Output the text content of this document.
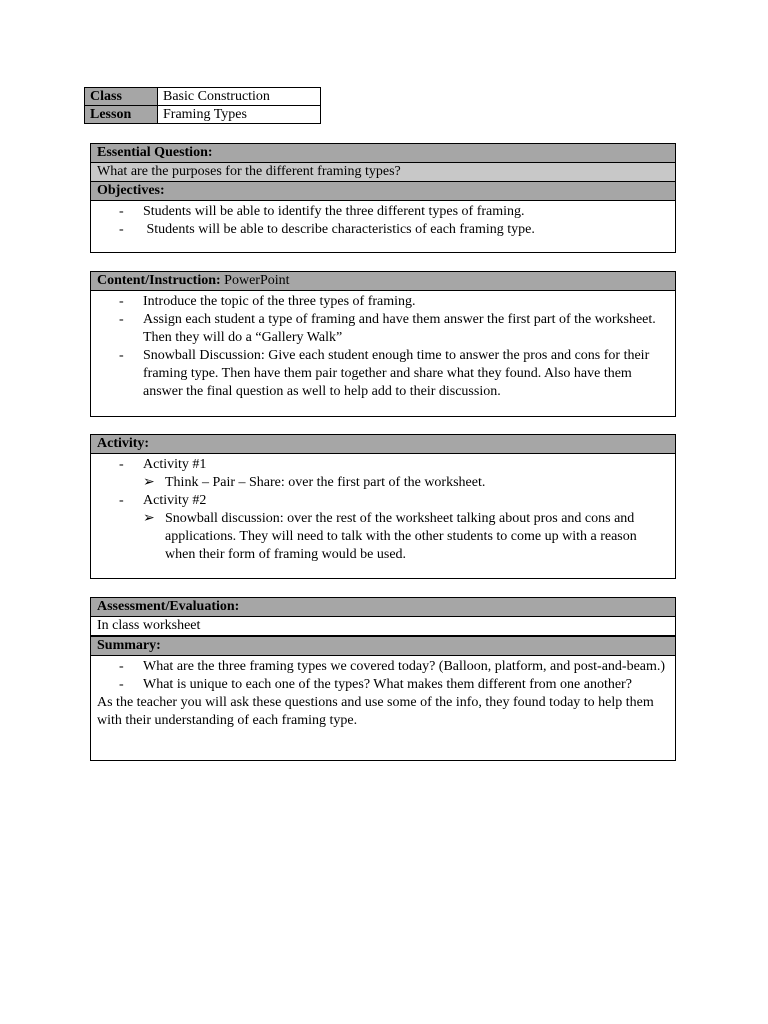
Class	Basic Construction
Lesson	Framing Types
Essential Question:
What are the purposes for the different framing types?
Objectives:
- Students will be able to identify the three different types of framing.
- Students will be able to describe characteristics of each framing type.
Content/Instruction: PowerPoint
- Introduce the topic of the three types of framing.
- Assign each student a type of framing and have them answer the first part of the worksheet. Then they will do a “Gallery Walk”
- Snowball Discussion: Give each student enough time to answer the pros and cons for their framing type. Then have them pair together and share what they found. Also have them answer the final question as well to help add to their discussion.
Activity:
- Activity #1
➢ Think – Pair – Share: over the first part of the worksheet.
- Activity #2
➢ Snowball discussion: over the rest of the worksheet talking about pros and cons and applications. They will need to talk with the other students to come up with a reason when their form of framing would be used.
Assessment/Evaluation:
In class worksheet
Summary:
- What are the three framing types we covered today? (Balloon, platform, and post-and-beam.)
- What is unique to each one of the types? What makes them different from one another?
As the teacher you will ask these questions and use some of the info, they found today to help them with their understanding of each framing type.
